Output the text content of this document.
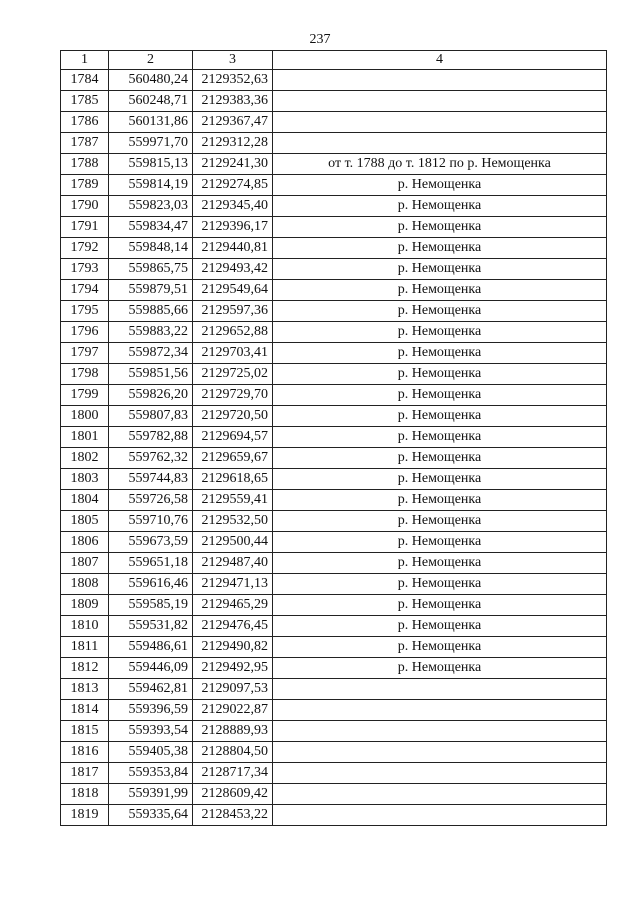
237
1	2	3	4
1784	560480,24	2129352,63	
1785	560248,71	2129383,36	
1786	560131,86	2129367,47	
1787	559971,70	2129312,28	
1788	559815,13	2129241,30	от т. 1788 до т. 1812 по р. Немощенка
1789	559814,19	2129274,85	р. Немощенка
1790	559823,03	2129345,40	р. Немощенка
1791	559834,47	2129396,17	р. Немощенка
1792	559848,14	2129440,81	р. Немощенка
1793	559865,75	2129493,42	р. Немощенка
1794	559879,51	2129549,64	р. Немощенка
1795	559885,66	2129597,36	р. Немощенка
1796	559883,22	2129652,88	р. Немощенка
1797	559872,34	2129703,41	р. Немощенка
1798	559851,56	2129725,02	р. Немощенка
1799	559826,20	2129729,70	р. Немощенка
1800	559807,83	2129720,50	р. Немощенка
1801	559782,88	2129694,57	р. Немощенка
1802	559762,32	2129659,67	р. Немощенка
1803	559744,83	2129618,65	р. Немощенка
1804	559726,58	2129559,41	р. Немощенка
1805	559710,76	2129532,50	р. Немощенка
1806	559673,59	2129500,44	р. Немощенка
1807	559651,18	2129487,40	р. Немощенка
1808	559616,46	2129471,13	р. Немощенка
1809	559585,19	2129465,29	р. Немощенка
1810	559531,82	2129476,45	р. Немощенка
1811	559486,61	2129490,82	р. Немощенка
1812	559446,09	2129492,95	р. Немощенка
1813	559462,81	2129097,53	
1814	559396,59	2129022,87	
1815	559393,54	2128889,93	
1816	559405,38	2128804,50	
1817	559353,84	2128717,34	
1818	559391,99	2128609,42	
1819	559335,64	2128453,22	
